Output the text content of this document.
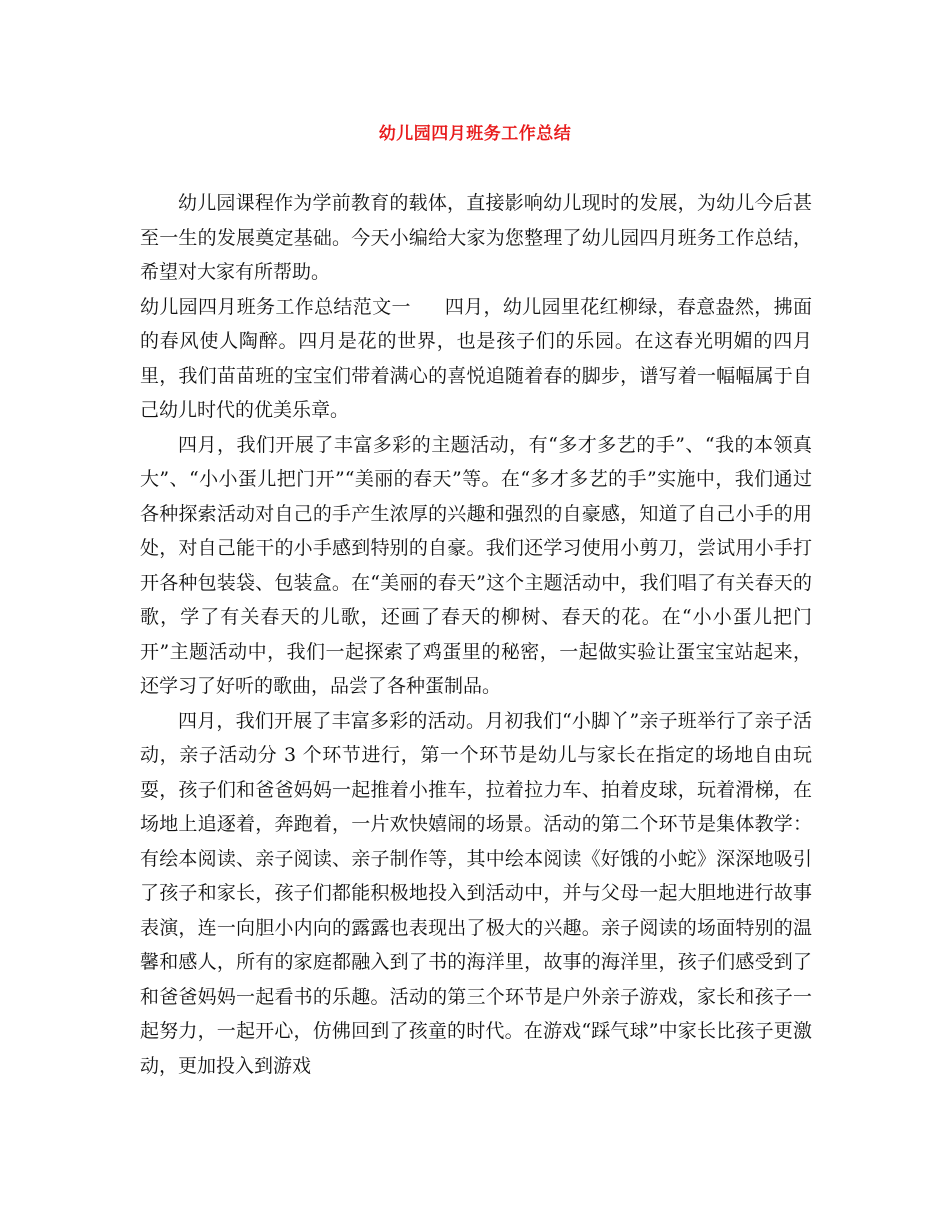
幼儿园四月班务工作总结

幼儿园课程作为学前教育的载体，直接影响幼儿现时的发展，为幼儿今后甚至一生的发展奠定基础。今天小编给大家为您整理了幼儿园四月班务工作总结，希望对大家有所帮助。

幼儿园四月班务工作总结范文一 四月，幼儿园里花红柳绿，春意盎然，拂面的春风使人陶醉。四月是花的世界，也是孩子们的乐园。在这春光明媚的四月里，我们苗苗班的宝宝们带着满心的喜悦追随着春的脚步，谱写着一幅幅属于自己幼儿时代的优美乐章。

四月，我们开展了丰富多彩的主题活动，有“多才多艺的手”、“我的本领真大”、“小小蛋儿把门开”“美丽的春天”等。在“多才多艺的手”实施中，我们通过各种探索活动对自己的手产生浓厚的兴趣和强烈的自豪感，知道了自己小手的用处，对自己能干的小手感到特别的自豪。我们还学习使用小剪刀，尝试用小手打开各种包装袋、包装盒。在“美丽的春天”这个主题活动中，我们唱了有关春天的歌，学了有关春天的儿歌，还画了春天的柳树、春天的花。在“小小蛋儿把门开”主题活动中，我们一起探索了鸡蛋里的秘密，一起做实验让蛋宝宝站起来，还学习了好听的歌曲，品尝了各种蛋制品。

四月，我们开展了丰富多彩的活动。月初我们“小脚丫”亲子班举行了亲子活动，亲子活动分 3 个环节进行，第一个环节是幼儿与家长在指定的场地自由玩耍，孩子们和爸爸妈妈一起推着小推车，拉着拉力车、拍着皮球，玩着滑梯，在场地上追逐着，奔跑着，一片欢快嬉闹的场景。活动的第二个环节是集体教学：有绘本阅读、亲子阅读、亲子制作等，其中绘本阅读《好饿的小蛇》深深地吸引了孩子和家长，孩子们都能积极地投入到活动中，并与父母一起大胆地进行故事表演，连一向胆小内向的露露也表现出了极大的兴趣。亲子阅读的场面特别的温馨和感人，所有的家庭都融入到了书的海洋里，故事的海洋里，孩子们感受到了和爸爸妈妈一起看书的乐趣。活动的第三个环节是户外亲子游戏，家长和孩子一起努力，一起开心，仿佛回到了孩童的时代。在游戏“踩气球”中家长比孩子更激动，更加投入到游戏
